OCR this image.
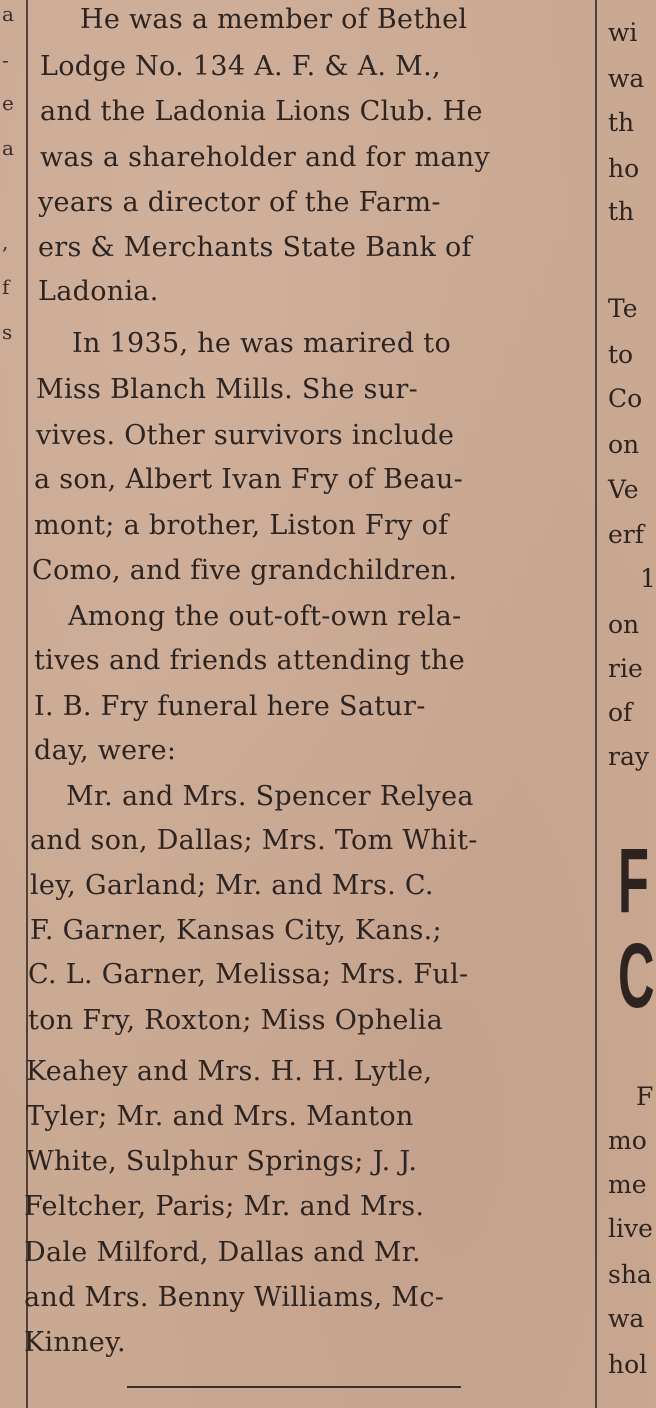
a
-
e
a
,
f
s
He was a member of Bethel
Lodge No. 134 A. F. & A. M.,
and the Ladonia Lions Club. He
was a shareholder and for many
years a director of the Farm-
ers & Merchants State Bank of
Ladonia.
In 1935, he was marired to
Miss Blanch Mills. She sur-
vives. Other survivors include
a son, Albert Ivan Fry of Beau-
mont; a brother, Liston Fry of
Como, and five grandchildren.
Among the out-oft-own rela-
tives and friends attending the
I. B. Fry funeral here Satur-
day, were:
Mr. and Mrs. Spencer Relyea
and son, Dallas; Mrs. Tom Whit-
ley, Garland; Mr. and Mrs. C.
F. Garner, Kansas City, Kans.;
C. L. Garner, Melissa; Mrs. Ful-
ton Fry, Roxton; Miss Ophelia
Keahey and Mrs. H. H. Lytle,
Tyler; Mr. and Mrs. Manton
White, Sulphur Springs; J. J.
Feltcher, Paris; Mr. and Mrs.
Dale Milford, Dallas and Mr.
and Mrs. Benny Williams, Mc-
Kinney.
wi
wa
th
ho
th
Te
to
Co
on
Ve
erf
1
on
rie
of
ray
F
C
F
mo
me
live
sha
wa
hol
